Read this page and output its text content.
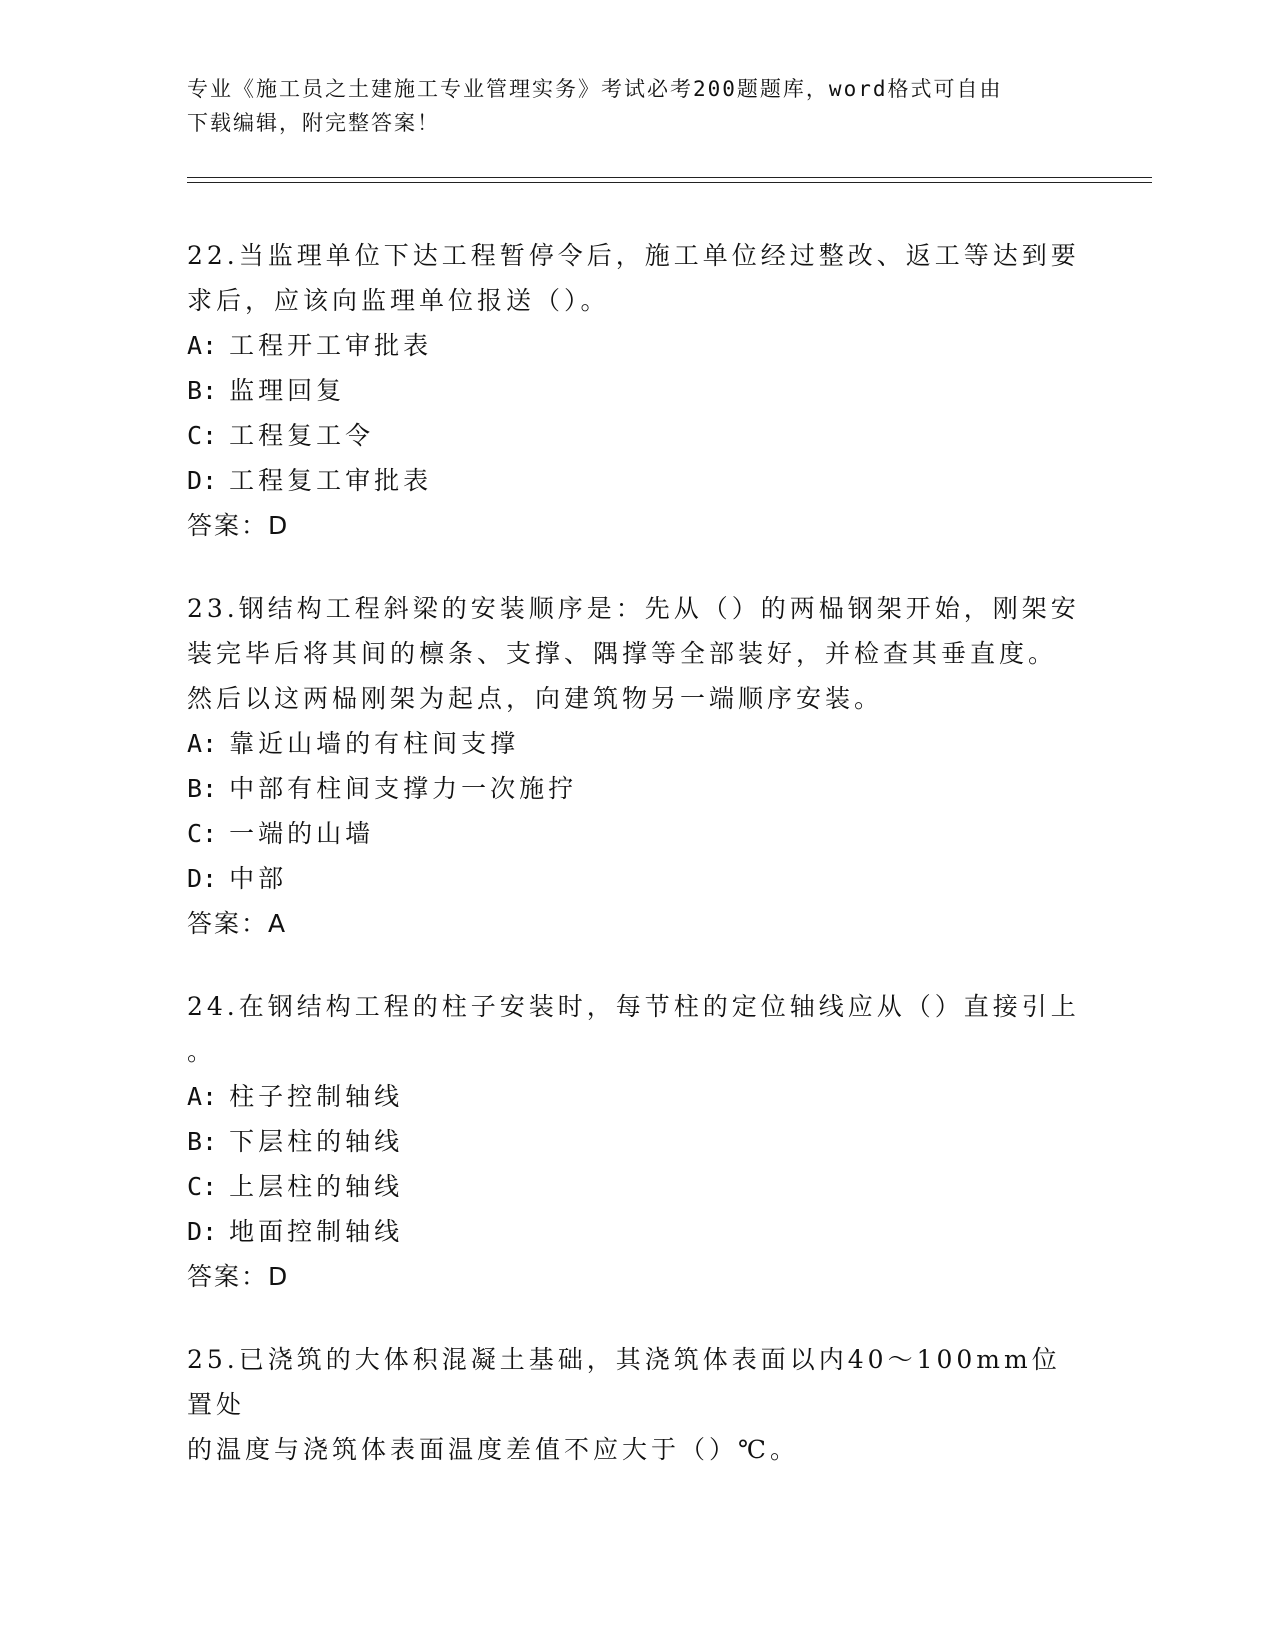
专业《施工员之土建施工专业管理实务》考试必考200题题库，word格式可自由
下载编辑，附完整答案！
22.当监理单位下达工程暂停令后，施工单位经过整改、返工等达到要
求后，应该向监理单位报送（）。
A: 工程开工审批表
B: 监理回复
C: 工程复工令
D: 工程复工审批表
答案：D
23.钢结构工程斜梁的安装顺序是：先从（）的两榀钢架开始，刚架安
装完毕后将其间的檩条、支撑、隅撑等全部装好，并检查其垂直度。
然后以这两榀刚架为起点，向建筑物另一端顺序安装。
A: 靠近山墙的有柱间支撑
B: 中部有柱间支撑力一次施拧
C: 一端的山墙
D: 中部
答案：A
24.在钢结构工程的柱子安装时，每节柱的定位轴线应从（）直接引上
。
A: 柱子控制轴线
B: 下层柱的轴线
C: 上层柱的轴线
D: 地面控制轴线
答案：D
25.已浇筑的大体积混凝土基础，其浇筑体表面以内40～100mm位置处
的温度与浇筑体表面温度差值不应大于（）℃。
